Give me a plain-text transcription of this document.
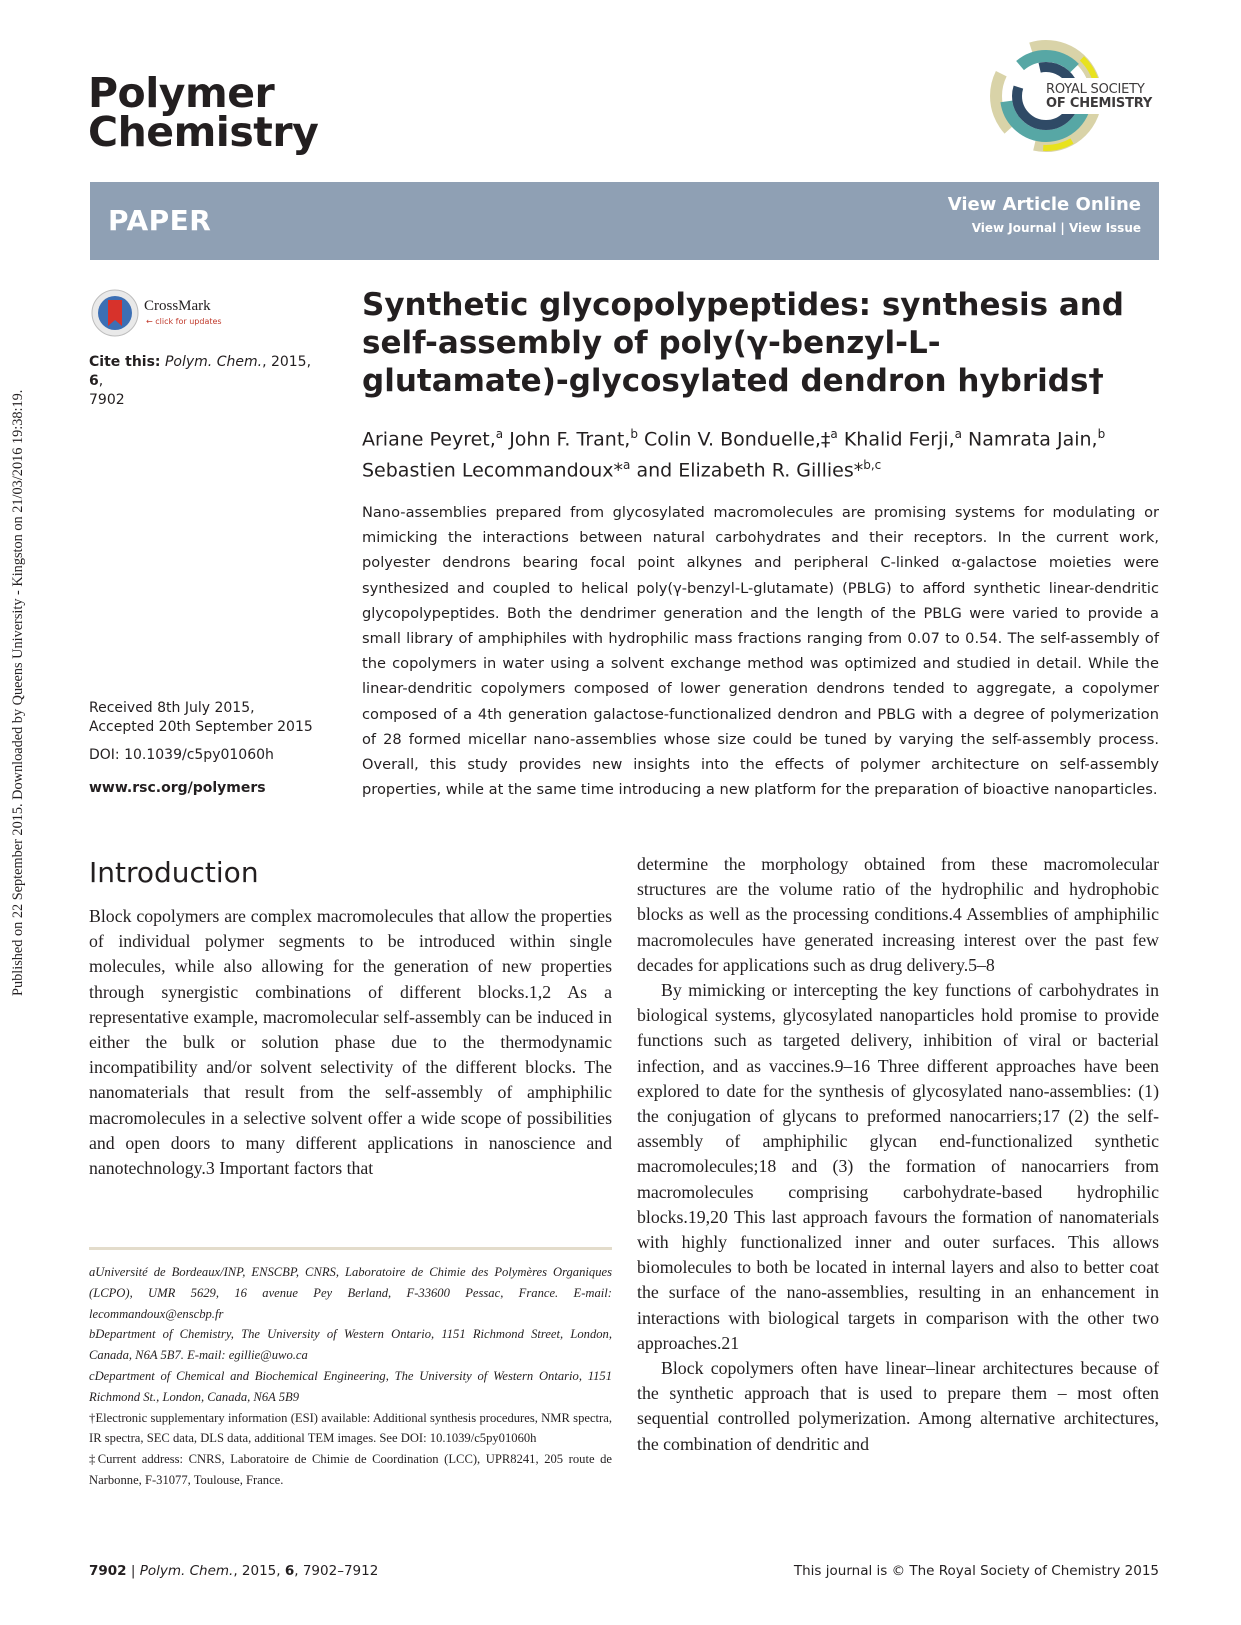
Polymer
Chemistry
ROYAL SOCIETY
OF CHEMISTRY
Published on 22 September 2015. Downloaded by Queens University - Kingston on 21/03/2016 19:38:19.
PAPER	View Article Online
View Journal | View Issue
CrossMark
← click for updates
Cite this: Polym. Chem., 2015, 6,
7902
Received 8th July 2015,
Accepted 20th September 2015
DOI: 10.1039/c5py01060h
www.rsc.org/polymers
Synthetic glycopolypeptides: synthesis and self-assembly of poly(γ-benzyl-L-glutamate)-glycosylated dendron hybrids†
Ariane Peyret,$^a$ John F. Trant,$^b$ Colin V. Bonduelle,‡$^a$ Khalid Ferji,$^a$ Namrata Jain,$^b$
Sebastien Lecommandoux*$^a$ and Elizabeth R. Gillies*$^{b,c}$
Nano-assemblies prepared from glycosylated macromolecules are promising systems for modulating or mimicking the interactions between natural carbohydrates and their receptors. In the current work, polyester dendrons bearing focal point alkynes and peripheral C-linked α-galactose moieties were synthesized and coupled to helical poly(γ-benzyl-L-glutamate) (PBLG) to afford synthetic linear-dendritic glycopolypeptides. Both the dendrimer generation and the length of the PBLG were varied to provide a small library of amphiphiles with hydrophilic mass fractions ranging from 0.07 to 0.54. The self-assembly of the copolymers in water using a solvent exchange method was optimized and studied in detail. While the linear-dendritic copolymers composed of lower generation dendrons tended to aggregate, a copolymer composed of a 4th generation galactose-functionalized dendron and PBLG with a degree of polymerization of 28 formed micellar nano-assemblies whose size could be tuned by varying the self-assembly process. Overall, this study provides new insights into the effects of polymer architecture on self-assembly properties, while at the same time introducing a new platform for the preparation of bioactive nanoparticles.
Introduction

Block copolymers are complex macromolecules that allow the properties of individual polymer segments to be introduced within single molecules, while also allowing for the generation of new properties through synergistic combinations of different blocks.1,2 As a representative example, macromolecular self-assembly can be induced in either the bulk or solution phase due to the thermodynamic incompatibility and/or solvent selectivity of the different blocks. The nanomaterials that result from the self-assembly of amphiphilic macromolecules in a selective solvent offer a wide scope of possibilities and open doors to many different applications in nanoscience and nanotechnology.3 Important factors that

determine the morphology obtained from these macromolecular structures are the volume ratio of the hydrophilic and hydrophobic blocks as well as the processing conditions.4 Assemblies of amphiphilic macromolecules have generated increasing interest over the past few decades for applications such as drug delivery.5–8

By mimicking or intercepting the key functions of carbohydrates in biological systems, glycosylated nanoparticles hold promise to provide functions such as targeted delivery, inhibition of viral or bacterial infection, and as vaccines.9–16 Three different approaches have been explored to date for the synthesis of glycosylated nano-assemblies: (1) the conjugation of glycans to preformed nanocarriers;17 (2) the self-assembly of amphiphilic glycan end-functionalized synthetic macromolecules;18 and (3) the formation of nanocarriers from macromolecules comprising carbohydrate-based hydrophilic blocks.19,20 This last approach favours the formation of nanomaterials with highly functionalized inner and outer surfaces. This allows biomolecules to both be located in internal layers and also to better coat the surface of the nano-assemblies, resulting in an enhancement in interactions with biological targets in comparison with the other two approaches.21

Block copolymers often have linear–linear architectures because of the synthetic approach that is used to prepare them – most often sequential controlled polymerization. Among alternative architectures, the combination of dendritic and

aUniversité de Bordeaux/INP, ENSCBP, CNRS, Laboratoire de Chimie des Polymères Organiques (LCPO), UMR 5629, 16 avenue Pey Berland, F-33600 Pessac, France. E-mail: lecommandoux@enscbp.fr

bDepartment of Chemistry, The University of Western Ontario, 1151 Richmond Street, London, Canada, N6A 5B7. E-mail: egillie@uwo.ca

cDepartment of Chemical and Biochemical Engineering, The University of Western Ontario, 1151 Richmond St., London, Canada, N6A 5B9

†Electronic supplementary information (ESI) available: Additional synthesis procedures, NMR spectra, IR spectra, SEC data, DLS data, additional TEM images. See DOI: 10.1039/c5py01060h

‡Current address: CNRS, Laboratoire de Chimie de Coordination (LCC), UPR8241, 205 route de Narbonne, F-31077, Toulouse, France.

7902 | Polym. Chem., 2015, 6, 7902–7912	This journal is © The Royal Society of Chemistry 2015
